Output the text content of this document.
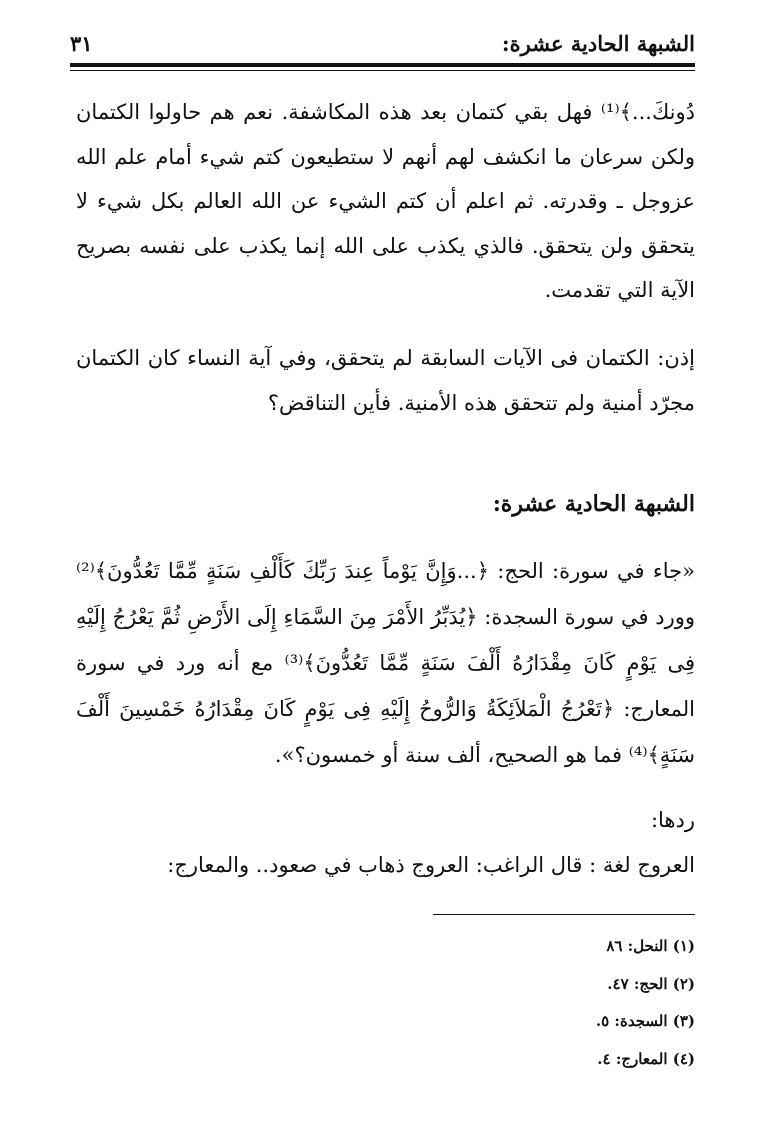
الشبهة الحادية عشرة:
٣١

دُونكَ...﴾⁽¹⁾ فهل بقي كتمان بعد هذه المكاشفة. نعم هم حاولوا الكتمان ولكن سرعان ما انكشف لهم أنهم لا ستطيعون كتم شيء أمام علم الله عزوجل ـ وقدرته. ثم اعلم أن كتم الشيء عن الله العالم بكل شيء لا يتحقق ولن يتحقق. فالذي يكذب على الله إنما يكذب على نفسه بصريح الآية التي تقدمت.

إذن: الكتمان فى الآيات السابقة لم يتحقق، وفي آية النساء كان الكتمان مجرّد أمنية ولم تتحقق هذه الأمنية. فأين التناقض؟

الشبهة الحادية عشرة:

«جاء في سورة: الحج: ﴿...وَإِنَّ يَوْماً عِندَ رَبِّكَ كَأَلْفِ سَنَةٍ مِّمَّا تَعُدُّونَ﴾⁽²⁾ وورد في سورة السجدة: ﴿يُدَبِّرُ الأَمْرَ مِنَ السَّمَاءِ إِلَى الأَرْضِ ثُمَّ يَعْرُجُ إِلَيْهِ فِى يَوْمٍ كَانَ مِقْدَارُهُ أَلْفَ سَنَةٍ مِّمَّا تَعُدُّونَ﴾⁽³⁾ مع أنه ورد في سورة المعارج: ﴿تَعْرُجُ الْمَلاَئِكَةُ وَالرُّوحُ إِلَيْهِ فِى يَوْمٍ كَانَ مِقْدَارُهُ خَمْسِينَ أَلْفَ سَنَةٍ﴾⁽⁴⁾ فما هو الصحيح، ألف سنة أو خمسون؟».

ردها:

العروج لغة : قال الراغب: العروج ذهاب في صعود.. والمعارج:

(١) النحل: ٨٦
(٢) الحج: ٤٧.
(٣) السجدة: ٥.
(٤) المعارج: ٤.
